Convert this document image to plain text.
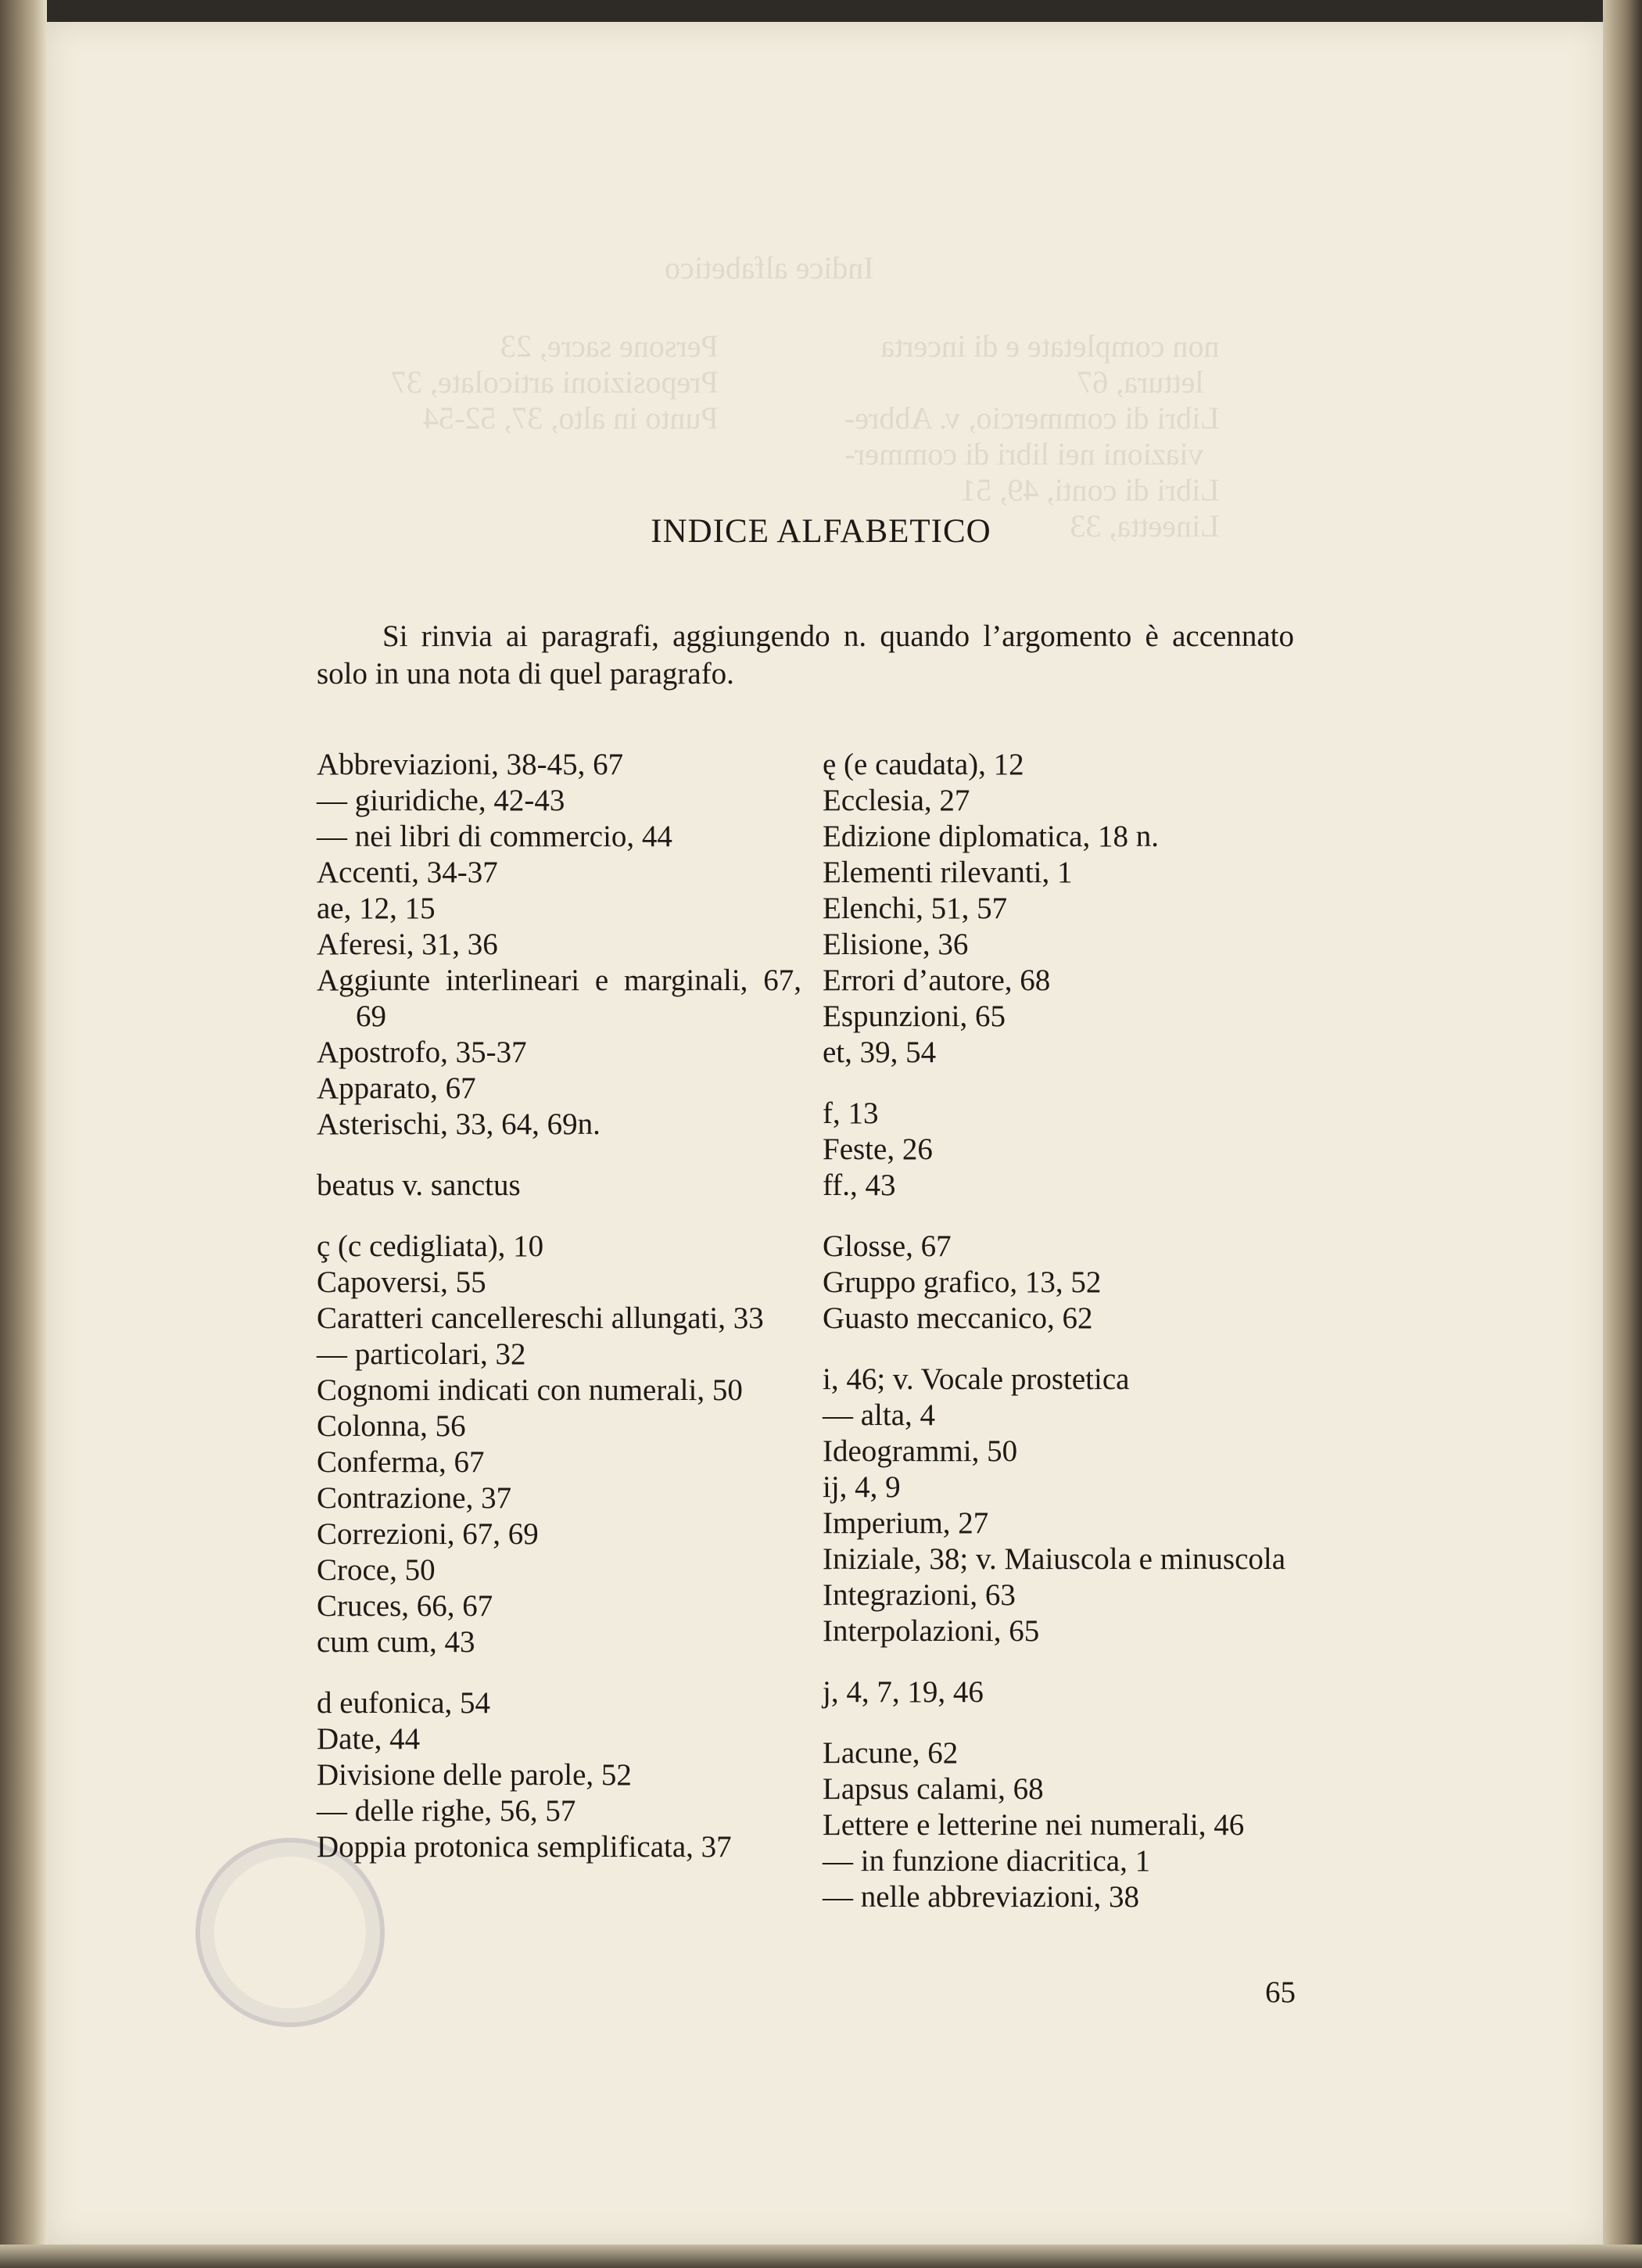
Indice alfabetico
non completate e di incerta
lettura, 67
Libri di commercio, v. Abbre-
viazioni nei libri di commer-
Libri di conti, 49, 51
Lineetta, 33
Persone sacre, 23
Preposizioni articolate, 37
Punto in alto, 37, 52-54
INDICE ALFABETICO
Si rinvia ai paragrafi, aggiungendo n. quando l’argomento è accennato solo in una nota di quel paragrafo.
Abbreviazioni, 38-45, 67
— giuridiche, 42-43
— nei libri di commercio, 44
Accenti, 34-37
ae, 12, 15
Aferesi, 31, 36
Aggiunte interlineari e marginali, 67, 69
Apostrofo, 35-37
Apparato, 67
Asterischi, 33, 64, 69n.
beatus v. sanctus
ç (c cedigliata), 10
Capoversi, 55
Caratteri cancellereschi allungati, 33
— particolari, 32
Cognomi indicati con numerali, 50
Colonna, 56
Conferma, 67
Contrazione, 37
Correzioni, 67, 69
Croce, 50
Cruces, 66, 67
cum cum, 43
d eufonica, 54
Date, 44
Divisione delle parole, 52
— delle righe, 56, 57
Doppia protonica semplificata, 37
ę (e caudata), 12
Ecclesia, 27
Edizione diplomatica, 18 n.
Elementi rilevanti, 1
Elenchi, 51, 57
Elisione, 36
Errori d’autore, 68
Espunzioni, 65
et, 39, 54
f, 13
Feste, 26
ff., 43
Glosse, 67
Gruppo grafico, 13, 52
Guasto meccanico, 62
i, 46; v. Vocale prostetica
— alta, 4
Ideogrammi, 50
ij, 4, 9
Imperium, 27
Iniziale, 38; v. Maiuscola e minuscola
Integrazioni, 63
Interpolazioni, 65
j, 4, 7, 19, 46
Lacune, 62
Lapsus calami, 68
Lettere e letterine nei numerali, 46
— in funzione diacritica, 1
— nelle abbreviazioni, 38
65
